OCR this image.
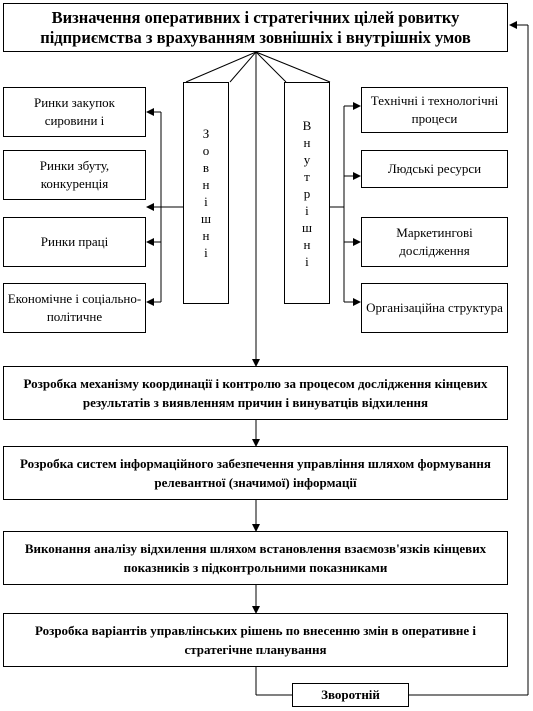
Визначення оперативних і стратегічних цілей ровитку підприємства з врахуванням зовнішніх і внутрішніх умов
З
о
в
н
і
ш
н
і
Ринки закупок сировини і
Ринки збуту, конкуренція
Ринки праці
Економічне і соціально-політичне
В
н
у
т
р
і
ш
н
і
Технічні і технологічні процеси
Людські ресурси
Маркетингові дослідження
Організаційна структура
Розробка механізму координації і контролю за процесом дослідження кінцевих результатів з виявленням причин і винуватців відхилення
Розробка систем інформаційного забезпечення управління шляхом формування релевантної (значимої) інформації
Виконання аналізу відхилення шляхом встановлення взаємозв'язків кінцевих показників з підконтрольними показниками
Розробка варіантів управлінських рішень по внесенню змін в оперативне і стратегічне планування
Зворотній
